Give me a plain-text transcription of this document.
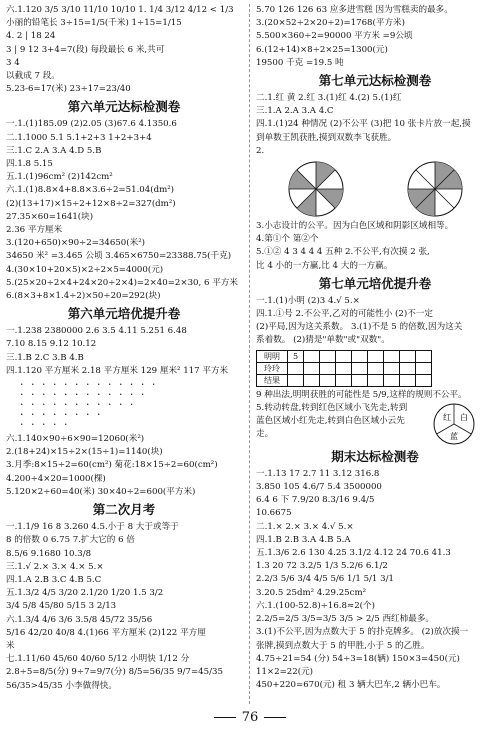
六.1.120 3/5 3/10 11/10 10/10 1. 1/4 3/12 4/12 < 1/3
小丽的铅笔长 3÷15=1/5(千米) 1÷15=1/15
4. 2 | 18 24
3 | 9 12 3+4=7(段) 每段最长 6 米,共可
3 4
以截成 7 段。
5.23-6=17(米) 23÷17=23/40
第六单元达标检测卷
一.1.(1)185.09 (2)2.05 (3)67.6 4.1350.6
二.1.1000 5.1 5.1+2+3 1+2+3+4
三.1.C 2.A 3.A 4.D 5.B
四.1.8 5.15
五.1.(1)96cm² (2)142cm²
六.1.(1)8.8×4+8.8×3.6÷2=51.04(dm²)
(2)(13+17)×15÷2+12×8÷2=327(dm²)
27.35×60=1641(块)
2.36 平方厘米
3.(120+650)×90÷2=34650(米²)
34650 米² =3.465 公顷 3.465×6750=23388.75(千克)
4.(30×10+20×5)×2÷2×5=4000(元)
5.(25×20÷2×4+24×20÷2×4)=2×40=2×30, 6 平方米
6.(8×3+8×1.4÷2)×50÷20=292(块)
第六单元培优提升卷
一.1.238 2380000 2.6 3.5 4.11 5.251 6.48
7.10 8.15 9.12 10.12
三.1.B 2.C 3.B 4.B
四.1.120 平方厘米 2.18 平方厘米 129 厘米² 117 平方米
· · · · · · · · · · · · ·
· · · · · · · · · · · ·
· · · · · · · · · · ·
· · · · · · · ·
· · · · ·
六.1.140×90÷6×90=12060(米²)
2.(18+24)×15÷2×(15÷1)=1140(块)
3.月季:8×15÷2=60(cm²) 菊花:18×15÷2=60(cm²)
4.200÷4×20=1000(棵)
5.120×2÷60=40(米) 30×40÷2=600(平方米)
第二次月考
一.1.1/9 16 8 3.260 4.5.小于 8 大于或等于
8 的倍数 0 6.75 7.扩大它的 6 倍
8.5/6 9.1680 10.3/8
三.1.√ 2.× 3.× 4.× 5.×
四.1.A 2.B 3.C 4.B 5.C
五.1.3/2 4/5 3/20 2.1/20 1/20 1.5 3/2
3/4 5/8 45/80 5/15 3 2/13
六.1.3/4 4/6 3/6 3.5/8 45/72 35/56
5/16 42/20 40/8 4.(1)66 平方厘米 (2)122 平方厘
米
七.1.11/60 45/60 40/60 5/12 小明快 1/12 分
2.8÷5=8/5(分) 9÷7=9/7(分) 8/5=56/35 9/7=45/35
56/35>45/35 小李做得快。
5.70 126 126 63 应多进雪糕 因为雪糕卖的最多。
3.(20×52÷2×20÷2)=1768(平方米)
5.500×360÷2=90000 平方米 =9公顷
6.(12+14)×8÷2×25=1300(元)
19500 千克 =19.5 吨
第七单元达标检测卷
二.1.红 黄 2.红 3.(1)红 4.(2) 5.(1)红
三.1.A 2.A 3.A 4.C
四.1.(1)24 种情况 (2)不公平 (3)把 10 张卡片放一起,摸
到单数王凯获胜,摸到双数李飞获胜。
2.
3.小志设计的公平。因为白色区域和阴影区域相等。
4.第①个 第②个
5.①② 4 3 4 4 4 五种 2.不公平,有次摸 2 张,
比 4 小的一方赢,比 4 大的一方赢。
第七单元培优提升卷
一.1.(1)小明 (2)3 4.√ 5.×
四.1.①号 2.不公平,乙对的可能性小 (2)不一定
(2)平局,因为这关系数。 3.(1)不是 5 的倍数,因为这关
系着数。 (2)猜是"单数"或"双数"。
明明	5								
玲玲									
结果									
9 种出法,明明获胜的可能性是 5/9,这样的规则不公平。
5.转动转盘,转到红色区域小飞先走,转到
蓝色区域小红先走,转到白色区域小云先
走。
红 白
蓝
期末达标检测卷
一.1.13 17 2.7 11 3.12 316.8
3.850 105 4.6/7 5.4 3500000
6.4 6 下 7.9/20 8.3/16 9.4/5
10.6675
二.1.× 2.× 3.× 4.√ 5.×
四.1.B 2.B 3.A 4.B 5.A
五.1.3/6 2.6 130 4.25 3.1/2 4.12 24 70.6 41.3
1.3 20 72 3.2/5 1/3 5.2/6 6.1/2
2.2/3 5/6 3/4 4/5 5/6 1/1 5/1 3/1
3.20.5 25dm² 4.29.25cm²
六.1.(100-52.8)÷16.8≈2(个)
2.2/5=2/5 3/5=3/5 3/5 > 2/5 西红柿最多。
3.(1)不公平,因为点数大于 5 的扑克牌多。 (2)放次摸一
张牌,摸到点数大于 5 的甲胜,小于 5 的乙胜。
4.75÷21=54 (分) 54÷3=18(辆) 150×3=450(元)
11×2=22(元)
450+220=670(元) 租 3 辆大巴车,2 辆小巴车。
76
